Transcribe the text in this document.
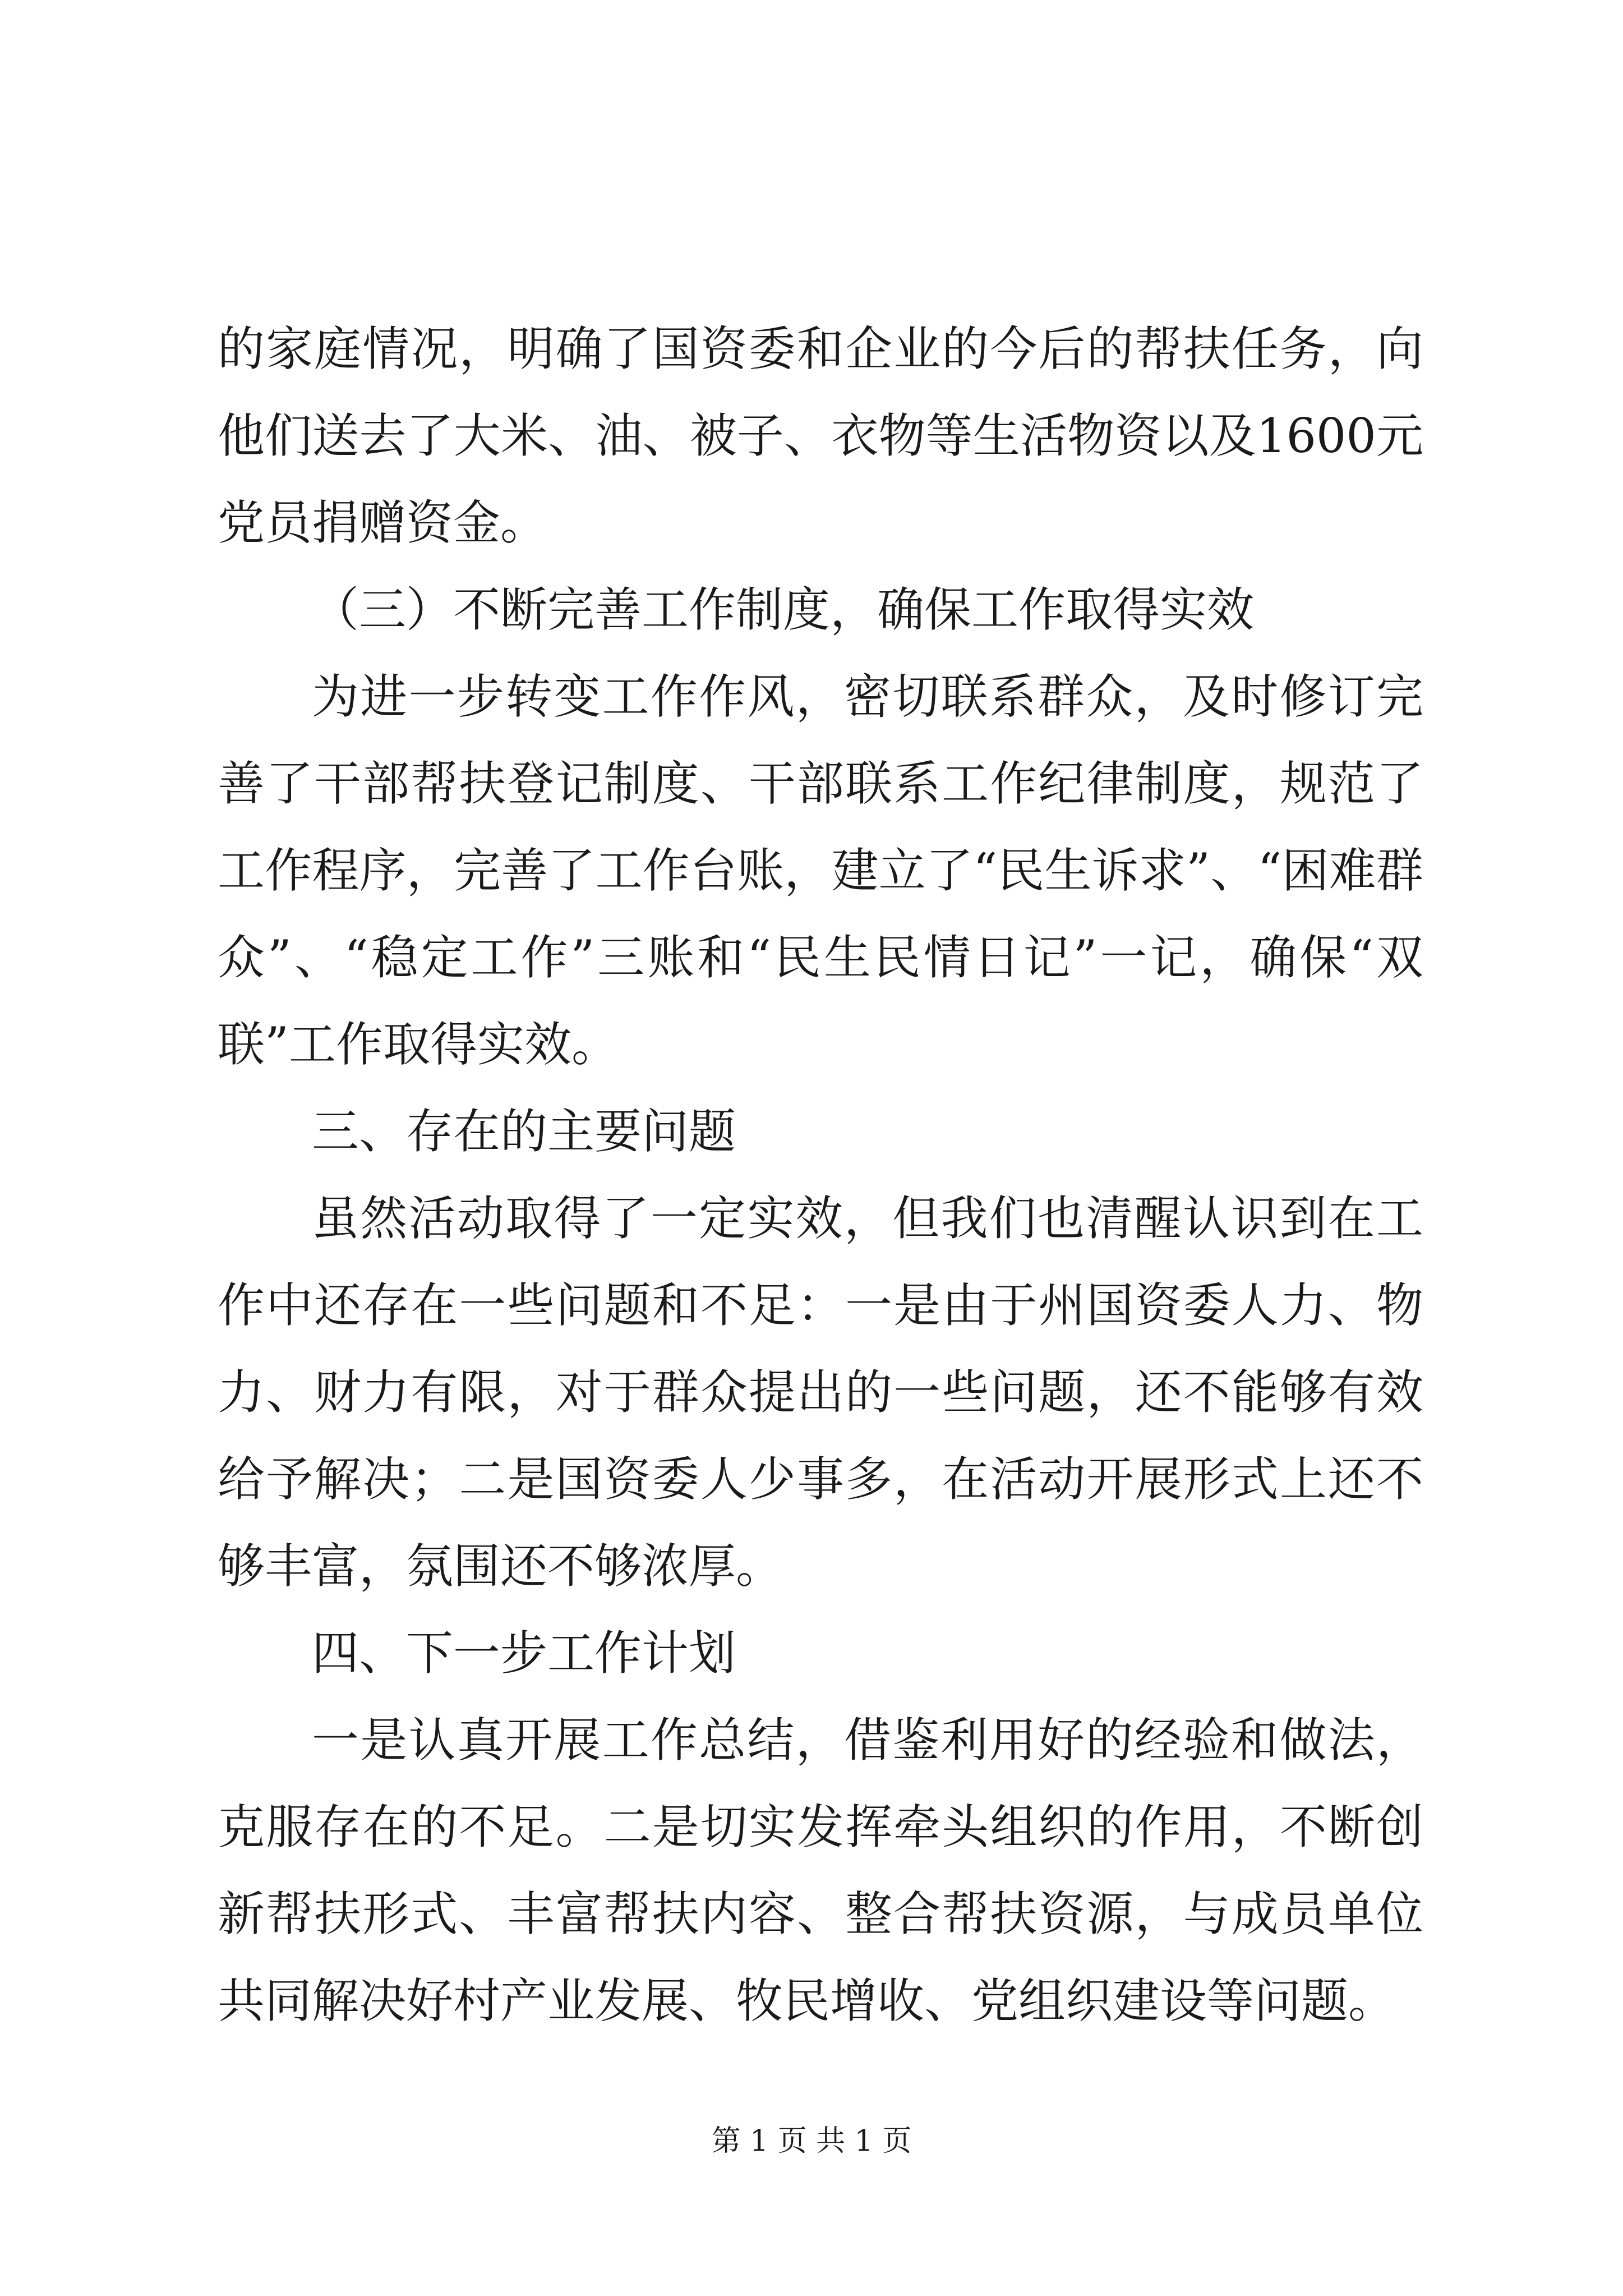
的家庭情况，明确了国资委和企业的今后的帮扶任务，向他们送去了大米、油、被子、衣物等生活物资以及1600元党员捐赠资金。

（三）不断完善工作制度，确保工作取得实效

为进一步转变工作作风，密切联系群众，及时修订完善了干部帮扶登记制度、干部联系工作纪律制度，规范了工作程序，完善了工作台账，建立了“民生诉求”、“困难群众”、“稳定工作”三账和“民生民情日记”一记，确保“双联”工作取得实效。

三、存在的主要问题

虽然活动取得了一定实效，但我们也清醒认识到在工作中还存在一些问题和不足：一是由于州国资委人力、物力、财力有限，对于群众提出的一些问题，还不能够有效给予解决；二是国资委人少事多，在活动开展形式上还不够丰富，氛围还不够浓厚。

四、下一步工作计划

一是认真开展工作总结，借鉴利用好的经验和做法，克服存在的不足。二是切实发挥牵头组织的作用，不断创新帮扶形式、丰富帮扶内容、整合帮扶资源，与成员单位共同解决好村产业发展、牧民增收、党组织建设等问题。

第 1 页 共 1 页
